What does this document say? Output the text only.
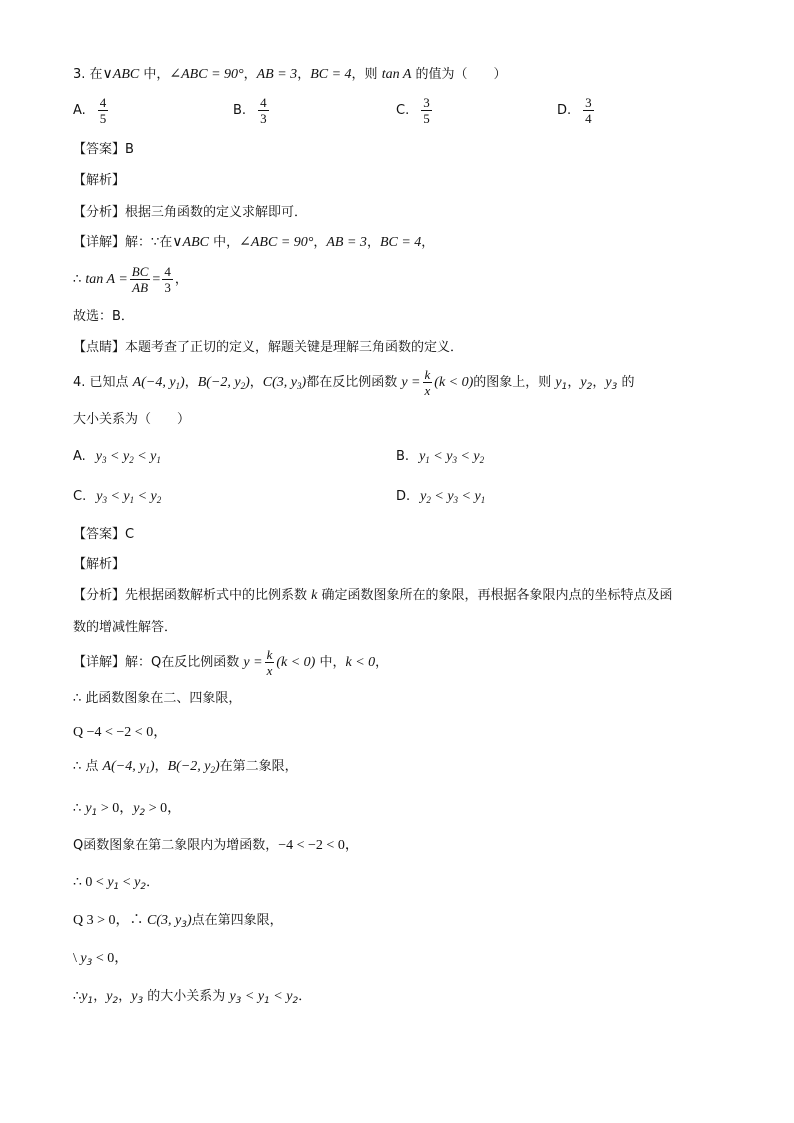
3. 在∨ABC 中，∠ABC = 90°，AB = 3，BC = 4，则 tan A 的值为（　　）
A. $\frac{4}{5}$	B. $\frac{4}{3}$	C. $\frac{3}{5}$	D. $\frac{3}{4}$
【答案】B
【解析】
【分析】根据三角函数的定义求解即可．
【详解】解：∵在∨ABC 中，∠ABC = 90°，AB = 3，BC = 4，
∴ $\tan A = \frac{BC}{AB} = \frac{4}{3}$ ，
故选：B．
【点睛】本题考查了正切的定义，解题关键是理解三角函数的定义．
4. 已知点 A(−4, $y_1$)，B(−2, $y_2$)，C(3, $y_3$)都在反比例函数 $y = \frac{k}{x} (k < 0)$的图象上，则 $y_1$，$y_2$，$y_3$ 的
大小关系为（　　）
A. $y_3 < y_2 < y_1$	B. $y_1 < y_3 < y_2$
C. $y_3 < y_1 < y_2$	D. $y_2 < y_3 < y_1$
【答案】C
【解析】
【分析】先根据函数解析式中的比例系数 k 确定函数图象所在的象限，再根据各象限内点的坐标特点及函
数的增减性解答．
【详解】解：Q在反比例函数 $y = \frac{k}{x} (k < 0)$ 中，k < 0，
∴ 此函数图象在二、四象限，
Q −4 < −2 < 0，
∴ 点 A(−4, $y_1$)，B(−2, $y_2$)在第二象限，
∴ $y_1 > 0$，$y_2 > 0$，
Q函数图象在第二象限内为增函数，−4 < −2 < 0，
∴ $0 < y_1 < y_2$．
Q 3 > 0，∴ C(3, $y_3$)点在第四象限，
\ $y_3 < 0$，
$\therefore y_1$，$y_2$，$y_3$ 的大小关系为 $y_3 < y_1 < y_2$．
